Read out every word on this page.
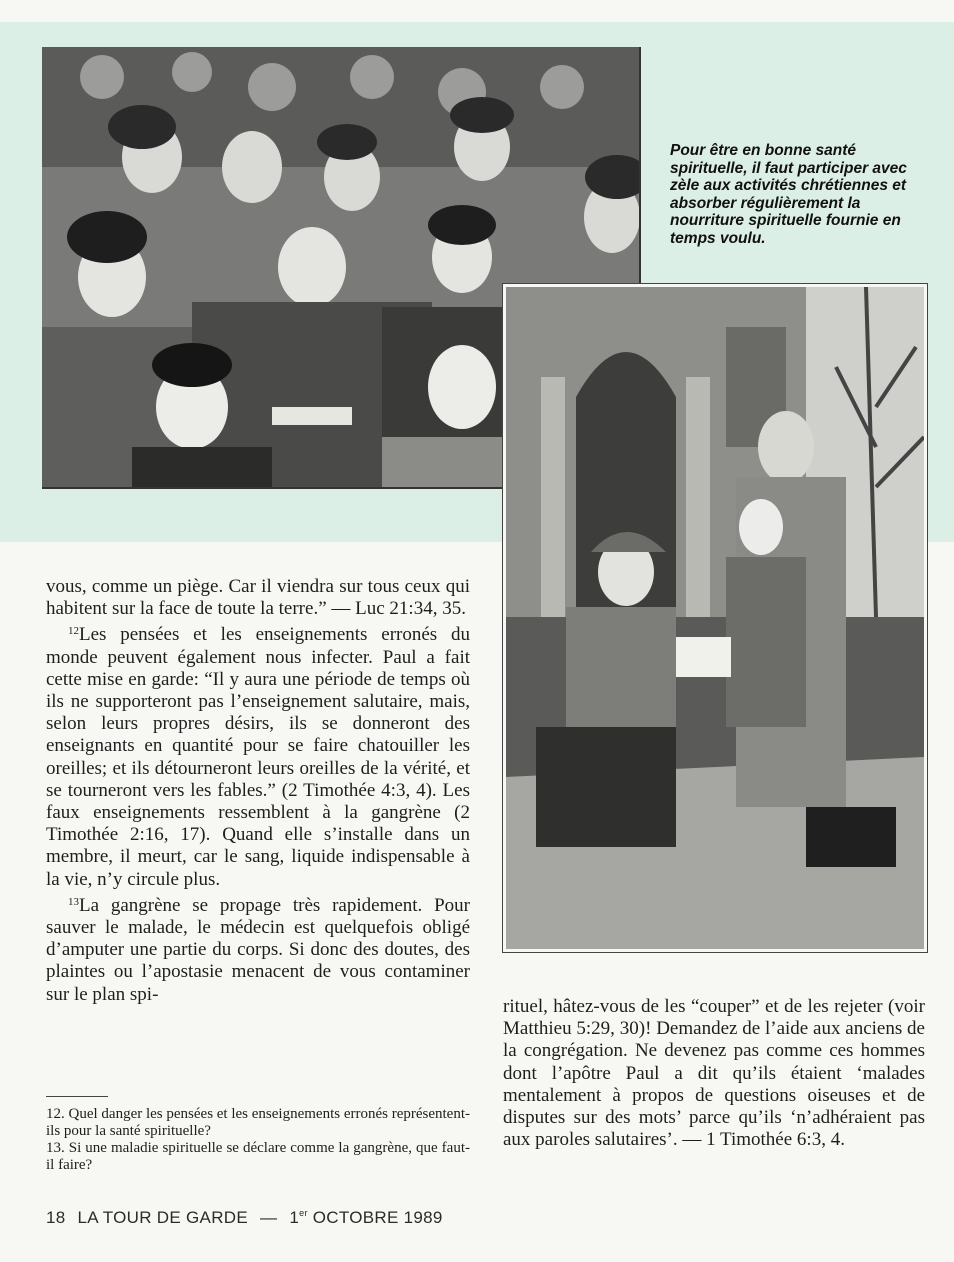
Pour être en bonne santé spirituelle, il faut participer avec zèle aux activités chrétiennes et absorber régulièrement la nourriture spirituelle fournie en temps voulu.

vous, comme un piège. Car il viendra sur tous ceux qui habitent sur la face de toute la terre.” — Luc 21:34, 35.

$^{12}$Les pensées et les enseignements erronés du monde peuvent également nous infecter. Paul a fait cette mise en garde: “Il y aura une période de temps où ils ne supporteront pas l’enseignement salutaire, mais, selon leurs propres désirs, ils se donneront des enseignants en quantité pour se faire chatouiller les oreilles; et ils détourneront leurs oreilles de la vérité, et se tourneront vers les fables.” (2 Timothée 4:3, 4). Les faux enseignements ressemblent à la gangrène (2 Timothée 2:16, 17). Quand elle s’installe dans un membre, il meurt, car le sang, liquide indispensable à la vie, n’y circule plus.

$^{13}$La gangrène se propage très rapidement. Pour sauver le malade, le médecin est quelquefois obligé d’amputer une partie du corps. Si donc des doutes, des plaintes ou l’apostasie menacent de vous contaminer sur le plan spi-

rituel, hâtez-vous de les “couper” et de les rejeter (voir Matthieu 5:29, 30)! Demandez de l’aide aux anciens de la congrégation. Ne devenez pas comme ces hommes dont l’apôtre Paul a dit qu’ils étaient ‘malades mentalement à propos de questions oiseuses et de disputes sur des mots’ parce qu’ils ‘n’adhéraient pas aux paroles salutaires’. — 1 Timothée 6:3, 4.

12. Quel danger les pensées et les enseignements erronés représentent-ils pour la santé spirituelle?

13. Si une maladie spirituelle se déclare comme la gangrène, que faut-il faire?

18 LA TOUR DE GARDE — 1er OCTOBRE 1989
